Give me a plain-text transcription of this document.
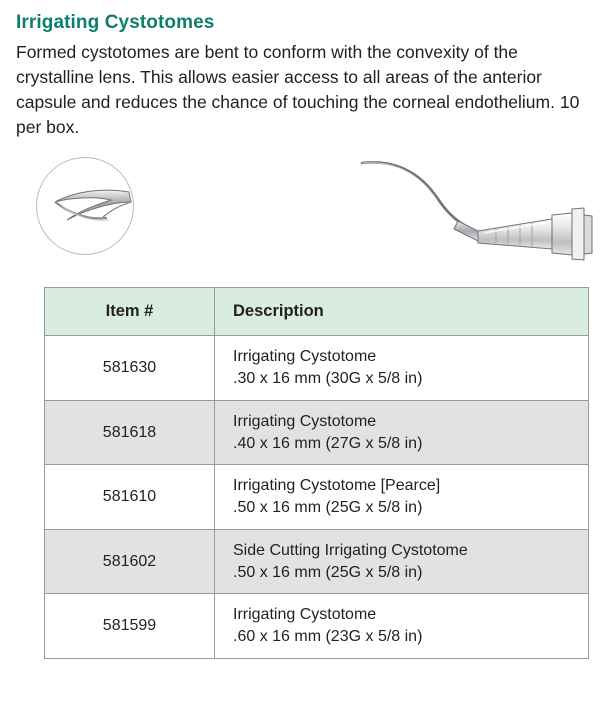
Irrigating Cystotomes

Formed cystotomes are bent to conform with the convexity of the crystalline lens. This allows easier access to all areas of the anterior capsule and reduces the chance of touching the corneal endothelium. 10 per box.

Item #	Description
581630	Irrigating Cystotome
.30 x 16 mm (30G x 5/8 in)

581618	Irrigating Cystotome
.40 x 16 mm (27G x 5/8 in)

581610	Irrigating Cystotome [Pearce]
.50 x 16 mm (25G x 5/8 in)

581602	Side Cutting Irrigating Cystotome
.50 x 16 mm (25G x 5/8 in)

581599	Irrigating Cystotome
.60 x 16 mm (23G x 5/8 in)
